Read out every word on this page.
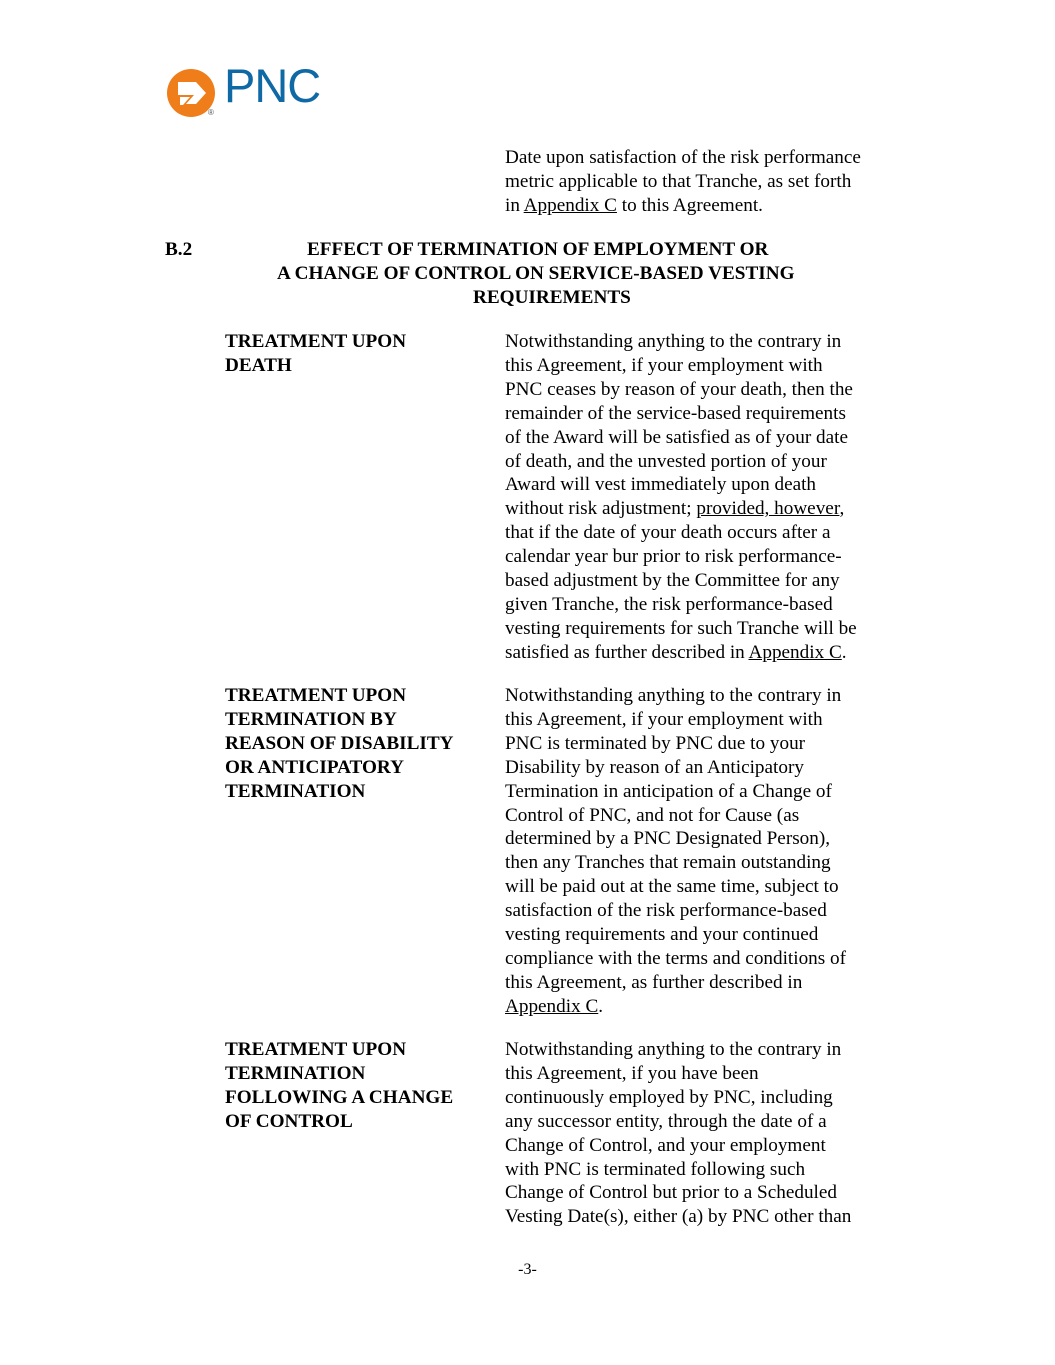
®
PNC
Date upon satisfaction of the risk performance
metric applicable to that Tranche, as set forth
in Appendix C to this Agreement.
B.2	EFFECT OF TERMINATION OF EMPLOYMENT OR
A CHANGE OF CONTROL ON SERVICE-BASED VESTING
REQUIREMENTS
TREATMENT UPON
DEATH
Notwithstanding anything to the contrary in
this Agreement, if your employment with
PNC ceases by reason of your death, then the
remainder of the service-based requirements
of the Award will be satisfied as of your date
of death, and the unvested portion of your
Award will vest immediately upon death
without risk adjustment; provided, however,
that if the date of your death occurs after a
calendar year bur prior to risk performance-
based adjustment by the Committee for any
given Tranche, the risk performance-based
vesting requirements for such Tranche will be
satisfied as further described in Appendix C.
TREATMENT UPON
TERMINATION BY
REASON OF DISABILITY
OR ANTICIPATORY
TERMINATION
Notwithstanding anything to the contrary in
this Agreement, if your employment with
PNC is terminated by PNC due to your
Disability by reason of an Anticipatory
Termination in anticipation of a Change of
Control of PNC, and not for Cause (as
determined by a PNC Designated Person),
then any Tranches that remain outstanding
will be paid out at the same time, subject to
satisfaction of the risk performance-based
vesting requirements and your continued
compliance with the terms and conditions of
this Agreement, as further described in
Appendix C.
TREATMENT UPON
TERMINATION
FOLLOWING A CHANGE
OF CONTROL
Notwithstanding anything to the contrary in
this Agreement, if you have been
continuously employed by PNC, including
any successor entity, through the date of a
Change of Control, and your employment
with PNC is terminated following such
Change of Control but prior to a Scheduled
Vesting Date(s), either (a) by PNC other than
-3-
